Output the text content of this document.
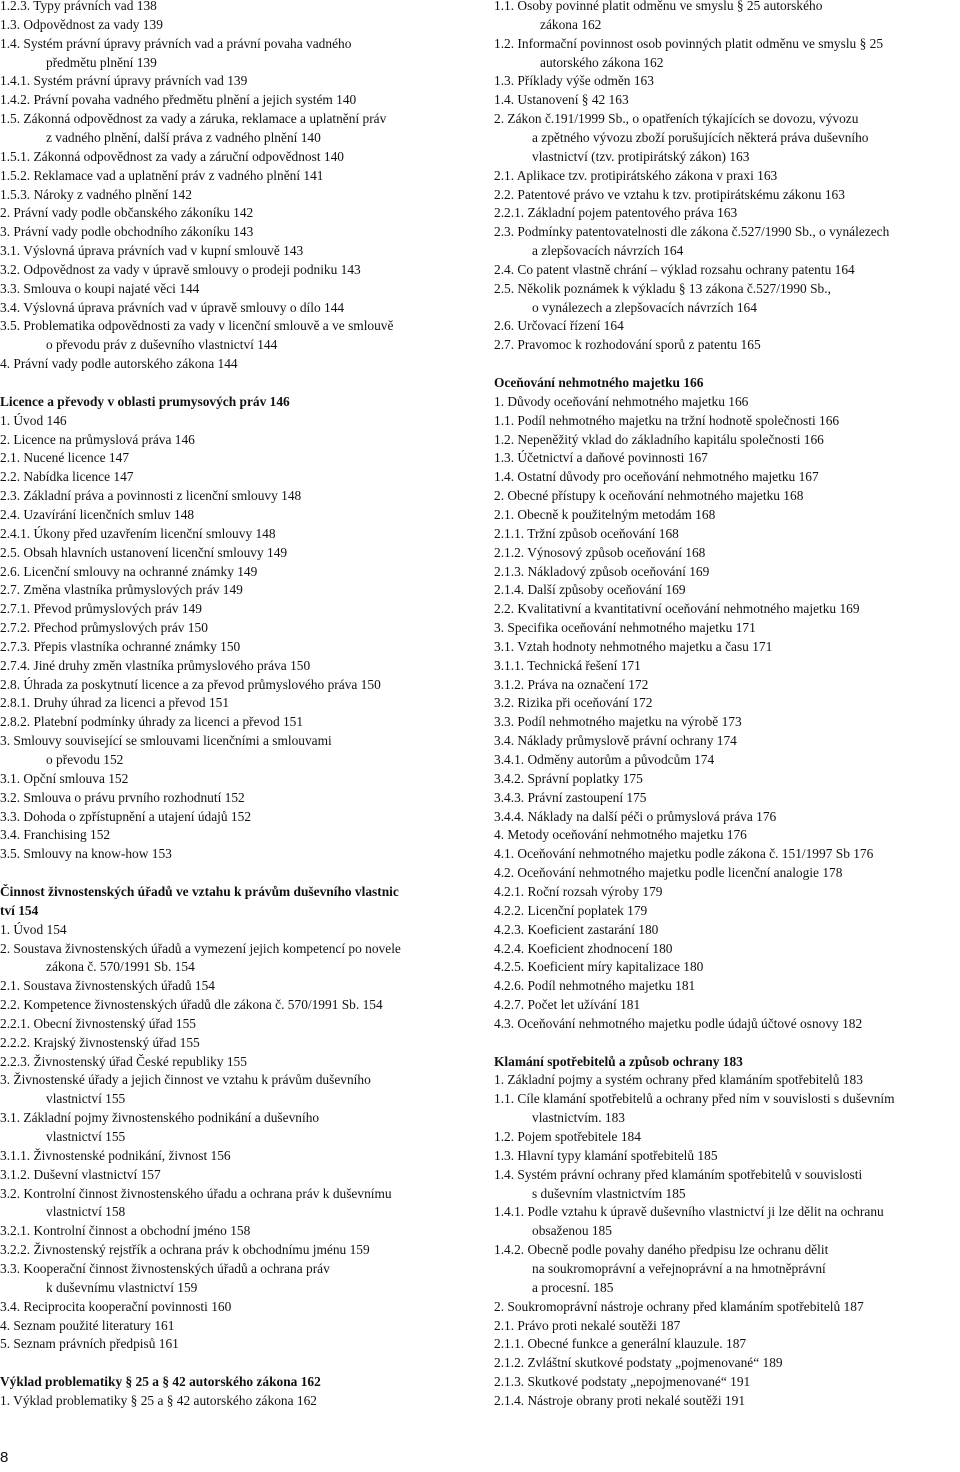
1.2.3. Typy právních vad 138
1.3. Odpovědnost za vady 139
1.4. Systém právní úpravy právních vad a právní povaha vadného
předmětu plnění 139
1.4.1. Systém právní úpravy právních vad 139
1.4.2. Právní povaha vadného předmětu plnění a jejich systém 140
1.5. Zákonná odpovědnost za vady a záruka, reklamace a uplatnění práv
z vadného plnění, další práva z vadného plnění 140
1.5.1. Zákonná odpovědnost za vady a záruční odpovědnost 140
1.5.2. Reklamace vad a uplatnění práv z vadného plnění 141
1.5.3. Nároky z vadného plnění 142
2. Právní vady podle občanského zákoníku 142
3. Právní vady podle obchodního zákoníku 143
3.1. Výslovná úprava právních vad v kupní smlouvě 143
3.2. Odpovědnost za vady v úpravě smlouvy o prodeji podniku 143
3.3. Smlouva o koupi najaté věci 144
3.4. Výslovná úprava právních vad v úpravě smlouvy o dílo 144
3.5. Problematika odpovědnosti za vady v licenční smlouvě a ve smlouvě
o převodu práv z duševního vlastnictví 144
4. Právní vady podle autorského zákona 144
Licence a převody v oblasti prumysových práv 146
1. Úvod 146
2. Licence na průmyslová práva 146
2.1. Nucené licence 147
2.2. Nabídka licence 147
2.3. Základní práva a povinnosti z licenční smlouvy 148
2.4. Uzavírání licenčních smluv 148
2.4.1. Úkony před uzavřením licenční smlouvy 148
2.5. Obsah hlavních ustanovení licenční smlouvy 149
2.6. Licenční smlouvy na ochranné známky 149
2.7. Změna vlastníka průmyslových práv 149
2.7.1. Převod průmyslových práv 149
2.7.2. Přechod průmyslových práv 150
2.7.3. Přepis vlastníka ochranné známky 150
2.7.4. Jiné druhy změn vlastníka průmyslového práva 150
2.8. Úhrada za poskytnutí licence a za převod průmyslového práva 150
2.8.1. Druhy úhrad za licenci a převod 151
2.8.2. Platební podmínky úhrady za licenci a převod 151
3. Smlouvy související se smlouvami licenčními a smlouvami
o převodu 152
3.1. Opční smlouva 152
3.2. Smlouva o právu prvního rozhodnutí 152
3.3. Dohoda o zpřístupnění a utajení údajů 152
3.4. Franchising 152
3.5. Smlouvy na know-how 153
Činnost živnostenských úřadů ve vztahu k právům duševního vlastnic
tví 154
1. Úvod 154
2. Soustava živnostenských úřadů a vymezení jejich kompetencí po novele
zákona č. 570/1991 Sb. 154
2.1. Soustava živnostenských úřadů 154
2.2. Kompetence živnostenských úřadů dle zákona č. 570/1991 Sb. 154
2.2.1. Obecní živnostenský úřad 155
2.2.2. Krajský živnostenský úřad 155
2.2.3. Živnostenský úřad České republiky 155
3. Živnostenské úřady a jejich činnost ve vztahu k právům duševního
vlastnictví 155
3.1. Základní pojmy živnostenského podnikání a duševního
vlastnictví 155
3.1.1. Živnostenské podnikání, živnost 156
3.1.2. Duševní vlastnictví 157
3.2. Kontrolní činnost živnostenského úřadu a ochrana práv k duševnímu
vlastnictví 158
3.2.1. Kontrolní činnost a obchodní jméno 158
3.2.2. Živnostenský rejstřík a ochrana práv k obchodnímu jménu 159
3.3. Kooperační činnost živnostenských úřadů a ochrana práv
k duševnímu vlastnictví 159
3.4. Reciprocita kooperační povinnosti 160
4. Seznam použité literatury 161
5. Seznam právních předpisů 161
Výklad problematiky § 25 a § 42 autorského zákona 162
1. Výklad problematiky § 25 a § 42 autorského zákona 162
1.1. Osoby povinné platit odměnu ve smyslu § 25 autorského
zákona 162
1.2. Informační povinnost osob povinných platit odměnu ve smyslu § 25
autorského zákona 162
1.3. Příklady výše odměn 163
1.4. Ustanovení § 42 163
2. Zákon č.191/1999 Sb., o opatřeních týkajících se dovozu, vývozu
a zpětného vývozu zboží porušujících některá práva duševního
vlastnictví (tzv. protipirátský zákon) 163
2.1. Aplikace tzv. protipirátského zákona v praxi 163
2.2. Patentové právo ve vztahu k tzv. protipirátskému zákonu 163
2.2.1. Základní pojem patentového práva 163
2.3. Podmínky patentovatelnosti dle zákona č.527/1990 Sb., o vynálezech
a zlepšovacích návrzích 164
2.4. Co patent vlastně chrání – výklad rozsahu ochrany patentu 164
2.5. Několik poznámek k výkladu § 13 zákona č.527/1990 Sb.,
o vynálezech a zlepšovacích návrzích 164
2.6. Určovací řízení 164
2.7. Pravomoc k rozhodování sporů z patentu 165
Oceňování nehmotného majetku 166
1. Důvody oceňování nehmotného majetku 166
1.1. Podíl nehmotného majetku na tržní hodnotě společnosti 166
1.2. Nepeněžitý vklad do základního kapitálu společnosti 166
1.3. Účetnictví a daňové povinnosti 167
1.4. Ostatní důvody pro oceňování nehmotného majetku 167
2. Obecné přístupy k oceňování nehmotného majetku 168
2.1. Obecně k použitelným metodám 168
2.1.1. Tržní způsob oceňování 168
2.1.2. Výnosový způsob oceňování 168
2.1.3. Nákladový způsob oceňování 169
2.1.4. Další způsoby oceňování 169
2.2. Kvalitativní a kvantitativní oceňování nehmotného majetku 169
3. Specifika oceňování nehmotného majetku 171
3.1. Vztah hodnoty nehmotného majetku a času 171
3.1.1. Technická řešení 171
3.1.2. Práva na označení 172
3.2. Rizika při oceňování 172
3.3. Podíl nehmotného majetku na výrobě 173
3.4. Náklady průmyslově právní ochrany 174
3.4.1. Odměny autorům a původcům 174
3.4.2. Správní poplatky 175
3.4.3. Právní zastoupení 175
3.4.4. Náklady na další péči o průmyslová práva 176
4. Metody oceňování nehmotného majetku 176
4.1. Oceňování nehmotného majetku podle zákona č. 151/1997 Sb 176
4.2. Oceňování nehmotného majetku podle licenční analogie 178
4.2.1. Roční rozsah výroby 179
4.2.2. Licenční poplatek 179
4.2.3. Koeficient zastarání 180
4.2.4. Koeficient zhodnocení 180
4.2.5. Koeficient míry kapitalizace 180
4.2.6. Podíl nehmotného majetku 181
4.2.7. Počet let užívání 181
4.3. Oceňování nehmotného majetku podle údajů účtové osnovy 182
Klamání spotřebitelů a způsob ochrany 183
1. Základní pojmy a systém ochrany před klamáním spotřebitelů 183
1.1. Cíle klamání spotřebitelů a ochrany před ním v souvislosti s duševním
vlastnictvím. 183
1.2. Pojem spotřebitele 184
1.3. Hlavní typy klamání spotřebitelů 185
1.4. Systém právní ochrany před klamáním spotřebitelů v souvislosti
s duševním vlastnictvím 185
1.4.1. Podle vztahu k úpravě duševního vlastnictví ji lze dělit na ochranu
obsaženou 185
1.4.2. Obecně podle povahy daného předpisu lze ochranu dělit
na soukromoprávní a veřejnoprávní a na hmotněprávní
a procesní. 185
2. Soukromoprávní nástroje ochrany před klamáním spotřebitelů 187
2.1. Právo proti nekalé soutěži 187
2.1.1. Obecné funkce a generální klauzule. 187
2.1.2. Zvláštní skutkové podstaty „pojmenované“ 189
2.1.3. Skutkové podstaty „nepojmenované“ 191
2.1.4. Nástroje obrany proti nekalé soutěži 191
8
